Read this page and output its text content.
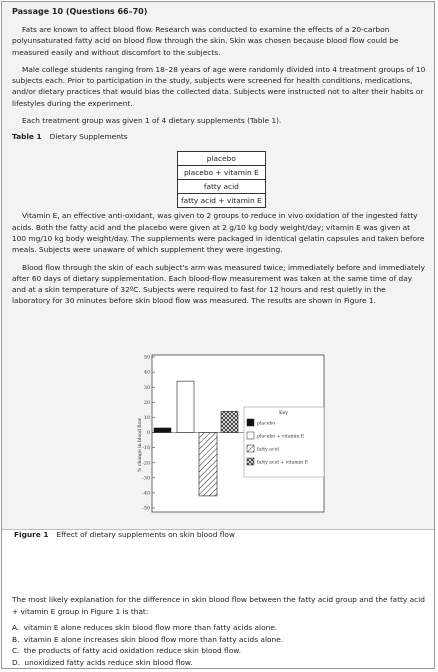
Passage 10 (Questions 66–70)

Fats are known to affect blood flow. Research was conducted to examine the effects of a 20-carbon polyunsaturated fatty acid on blood flow through the skin. Skin was chosen because blood flow could be measured easily and without discomfort to the subjects.

Male college students ranging from 18–28 years of age were randomly divided into 4 treatment groups of 10 subjects each. Prior to participation in the study, subjects were screened for health conditions, medications, and/or dietary practices that would bias the collected data. Subjects were instructed not to alter their habits or lifestyles during the experiment.

Each treatment group was given 1 of 4 dietary supplements (Table 1).

Table 1 Dietary Supplements
placebo
placebo + vitamin E
fatty acid
fatty acid + vitamin E

Vitamin E, an effective anti-oxidant, was given to 2 groups to reduce in vivo oxidation of the ingested fatty acids. Both the fatty acid and the placebo were given at 2 g/10 kg body weight/day; vitamin E was given at 100 mg/10 kg body weight/day. The supplements were packaged in identical gelatin capsules and taken before meals. Subjects were unaware of which supplement they were ingesting.

Blood flow through the skin of each subject's arm was measured twice; immediately before and immediately after 60 days of dietary supplementation. Each blood-flow measurement was taken at the same time of day and at a skin temperature of 32ºC. Subjects were required to fast for 12 hours and rest quietly in the laboratory for 30 minutes before skin blood flow was measured. The results are shown in Figure 1.

50
40
30
20
10
0
-10
-20
-30
-40
-50
% change in blood flow
Key
placebo
placebo + vitamin E
fatty acid
fatty acid + vitamin E
Figure 1 Effect of dietary supplements on skin blood flow
The most likely explanation for the difference in skin blood flow between the fatty acid group and the fatty acid + vitamin E group in Figure 1 is that:
A. vitamin E alone reduces skin blood flow more than fatty acids alone.
B. vitamin E alone increases skin blood flow more than fatty acids alone.
C. the products of fatty acid oxidation reduce skin blood flow.
D. unoxidized fatty acids reduce skin blood flow.
